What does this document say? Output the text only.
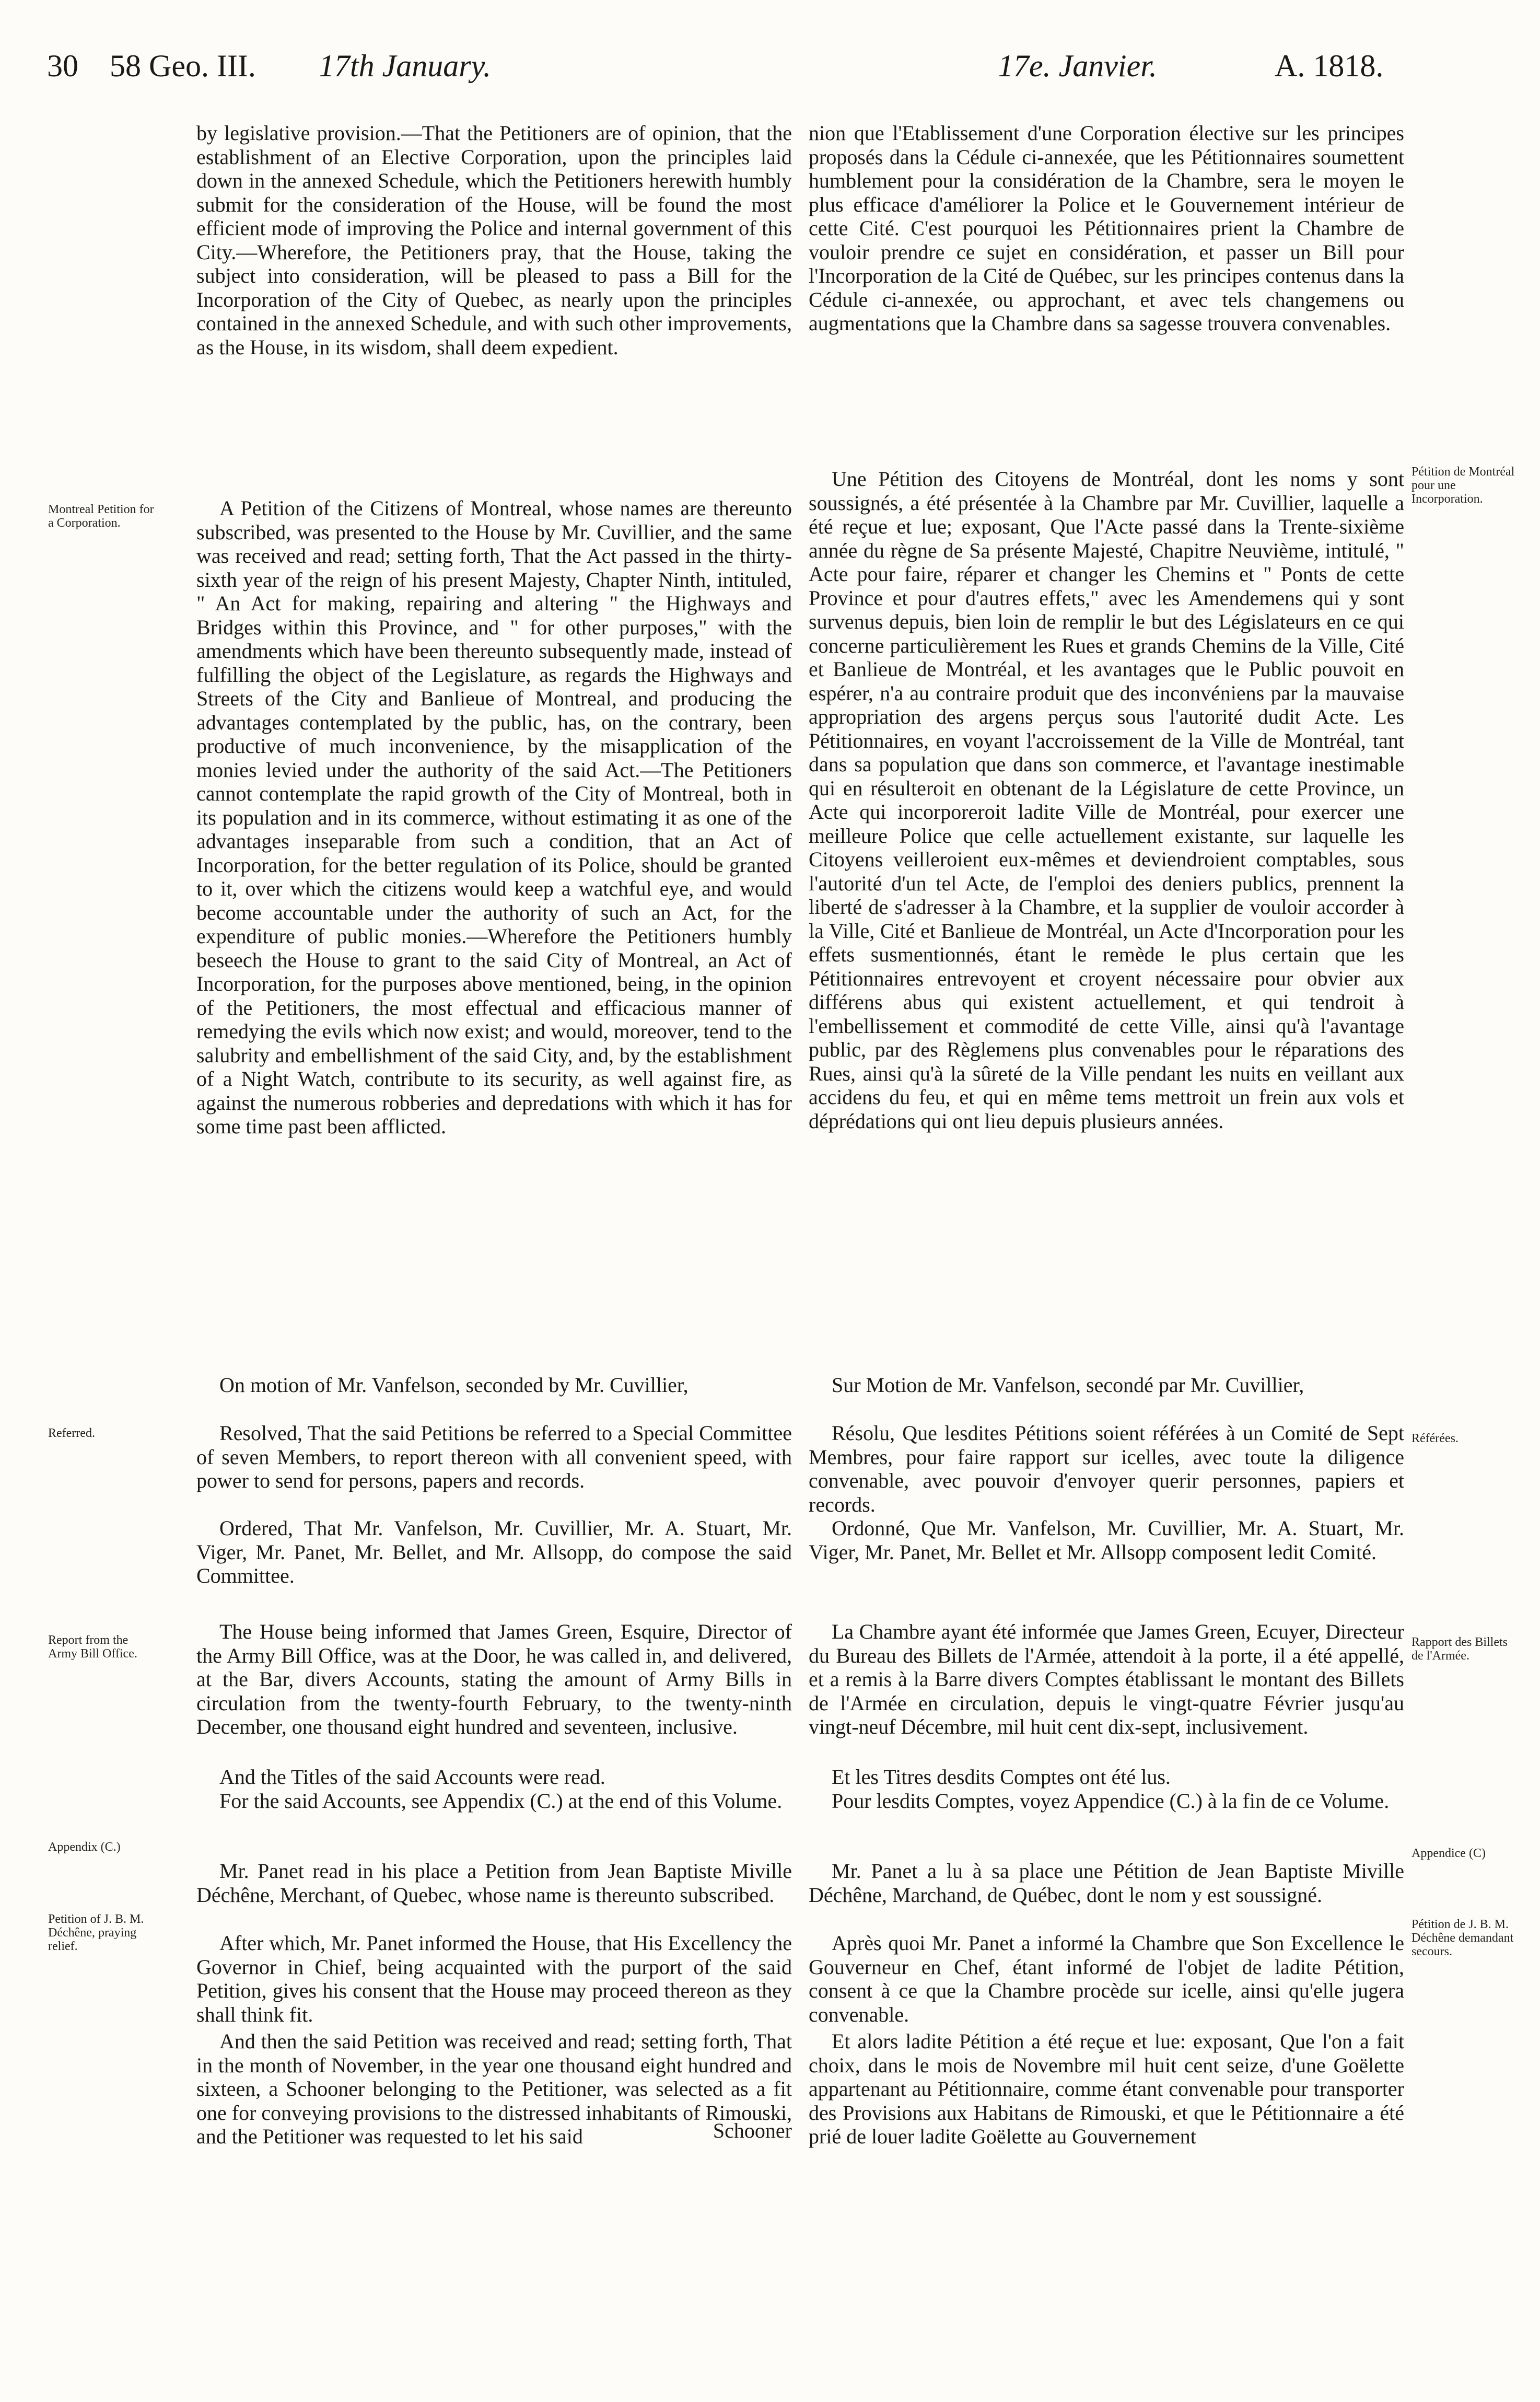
30 58 Geo. III. 17th January.	17e. Janvier.	A. 1818.
Montreal Petition for a Corporation.
Referred.
Report from the Army Bill Office.
Appendix (C.)
Petition of J. B. M. Déchêne, praying relief.
Pétition de Montréal pour une Incorporation.
Référées.
Rapport des Billets de l'Armée.
Appendice (C)
Pétition de J. B. M. Déchêne demandant secours.

by legislative provision.—That the Petitioners are of opinion, that the establishment of an Elective Corporation, upon the principles laid down in the annexed Schedule, which the Petitioners herewith humbly submit for the consideration of the House, will be found the most efficient mode of improving the Police and internal government of this City.—Wherefore, the Petitioners pray, that the House, taking the subject into consideration, will be pleased to pass a Bill for the Incorporation of the City of Quebec, as nearly upon the principles contained in the annexed Schedule, and with such other improvements, as the House, in its wisdom, shall deem expedient.

A Petition of the Citizens of Montreal, whose names are thereunto subscribed, was presented to the House by Mr. Cuvillier, and the same was received and read; setting forth, That the Act passed in the thirty-sixth year of the reign of his present Majesty, Chapter Ninth, intituled, " An Act for making, repairing and altering " the Highways and Bridges within this Province, and " for other purposes," with the amendments which have been thereunto subsequently made, instead of fulfilling the object of the Legislature, as regards the Highways and Streets of the City and Banlieue of Montreal, and producing the advantages contemplated by the public, has, on the contrary, been productive of much inconvenience, by the misapplication of the monies levied under the authority of the said Act.—The Petitioners cannot contemplate the rapid growth of the City of Montreal, both in its population and in its commerce, without estimating it as one of the advantages inseparable from such a condition, that an Act of Incorporation, for the better regulation of its Police, should be granted to it, over which the citizens would keep a watchful eye, and would become accountable under the authority of such an Act, for the expenditure of public monies.—Wherefore the Petitioners humbly beseech the House to grant to the said City of Montreal, an Act of Incorporation, for the purposes above mentioned, being, in the opinion of the Petitioners, the most effectual and efficacious manner of remedying the evils which now exist; and would, moreover, tend to the salubrity and embellishment of the said City, and, by the establishment of a Night Watch, contribute to its security, as well against fire, as against the numerous robberies and depredations with which it has for some time past been afflicted.

On motion of Mr. Vanfelson, seconded by Mr. Cuvillier,

Resolved, That the said Petitions be referred to a Special Committee of seven Members, to report thereon with all convenient speed, with power to send for persons, papers and records.

Ordered, That Mr. Vanfelson, Mr. Cuvillier, Mr. A. Stuart, Mr. Viger, Mr. Panet, Mr. Bellet, and Mr. Allsopp, do compose the said Committee.

The House being informed that James Green, Esquire, Director of the Army Bill Office, was at the Door, he was called in, and delivered, at the Bar, divers Accounts, stating the amount of Army Bills in circulation from the twenty-fourth February, to the twenty-ninth December, one thousand eight hundred and seventeen, inclusive.

And the Titles of the said Accounts were read.

For the said Accounts, see Appendix (C.) at the end of this Volume.

Mr. Panet read in his place a Petition from Jean Baptiste Miville Déchêne, Merchant, of Quebec, whose name is thereunto subscribed.

After which, Mr. Panet informed the House, that His Excellency the Governor in Chief, being acquainted with the purport of the said Petition, gives his consent that the House may proceed thereon as they shall think fit.

And then the said Petition was received and read; setting forth, That in the month of November, in the year one thousand eight hundred and sixteen, a Schooner belonging to the Petitioner, was selected as a fit one for conveying provisions to the distressed inhabitants of Rimouski, and the Petitioner was requested to let his said	Schooner

nion que l'Etablissement d'une Corporation élective sur les principes proposés dans la Cédule ci-annexée, que les Pétitionnaires soumettent humblement pour la considération de la Chambre, sera le moyen le plus efficace d'améliorer la Police et le Gouvernement intérieur de cette Cité. C'est pourquoi les Pétitionnaires prient la Chambre de vouloir prendre ce sujet en considération, et passer un Bill pour l'Incorporation de la Cité de Québec, sur les principes contenus dans la Cédule ci-annexée, ou approchant, et avec tels changemens ou augmentations que la Chambre dans sa sagesse trouvera convenables.

Une Pétition des Citoyens de Montréal, dont les noms y sont soussignés, a été présentée à la Chambre par Mr. Cuvillier, laquelle a été reçue et lue; exposant, Que l'Acte passé dans la Trente-sixième année du règne de Sa présente Majesté, Chapitre Neuvième, intitulé, " Acte pour faire, réparer et changer les Chemins et " Ponts de cette Province et pour d'autres effets," avec les Amendemens qui y sont survenus depuis, bien loin de remplir le but des Législateurs en ce qui concerne particulièrement les Rues et grands Chemins de la Ville, Cité et Banlieue de Montréal, et les avantages que le Public pouvoit en espérer, n'a au contraire produit que des inconvéniens par la mauvaise appropriation des argens perçus sous l'autorité dudit Acte. Les Pétitionnaires, en voyant l'accroissement de la Ville de Montréal, tant dans sa population que dans son commerce, et l'avantage inestimable qui en résulteroit en obtenant de la Législature de cette Province, un Acte qui incorporeroit ladite Ville de Montréal, pour exercer une meilleure Police que celle actuellement existante, sur laquelle les Citoyens veilleroient eux-mêmes et deviendroient comptables, sous l'autorité d'un tel Acte, de l'emploi des deniers publics, prennent la liberté de s'adresser à la Chambre, et la supplier de vouloir accorder à la Ville, Cité et Banlieue de Montréal, un Acte d'Incorporation pour les effets susmentionnés, étant le remède le plus certain que les Pétitionnaires entrevoyent et croyent nécessaire pour obvier aux différens abus qui existent actuellement, et qui tendroit à l'embellissement et commodité de cette Ville, ainsi qu'à l'avantage public, par des Règlemens plus convenables pour le réparations des Rues, ainsi qu'à la sûreté de la Ville pendant les nuits en veillant aux accidens du feu, et qui en même tems mettroit un frein aux vols et déprédations qui ont lieu depuis plusieurs années.

Sur Motion de Mr. Vanfelson, secondé par Mr. Cuvillier,

Résolu, Que lesdites Pétitions soient référées à un Comité de Sept Membres, pour faire rapport sur icelles, avec toute la diligence convenable, avec pouvoir d'envoyer querir personnes, papiers et records.

Ordonné, Que Mr. Vanfelson, Mr. Cuvillier, Mr. A. Stuart, Mr. Viger, Mr. Panet, Mr. Bellet et Mr. Allsopp composent ledit Comité.

La Chambre ayant été informée que James Green, Ecuyer, Directeur du Bureau des Billets de l'Armée, attendoit à la porte, il a été appellé, et a remis à la Barre divers Comptes établissant le montant des Billets de l'Armée en circulation, depuis le vingt-quatre Février jusqu'au vingt-neuf Décembre, mil huit cent dix-sept, inclusivement.

Et les Titres desdits Comptes ont été lus.

Pour lesdits Comptes, voyez Appendice (C.) à la fin de ce Volume.

Mr. Panet a lu à sa place une Pétition de Jean Baptiste Miville Déchêne, Marchand, de Québec, dont le nom y est soussigné.

Après quoi Mr. Panet a informé la Chambre que Son Excellence le Gouverneur en Chef, étant informé de l'objet de ladite Pétition, consent à ce que la Chambre procède sur icelle, ainsi qu'elle jugera convenable.

Et alors ladite Pétition a été reçue et lue: exposant, Que l'on a fait choix, dans le mois de Novembre mil huit cent seize, d'une Goëlette appartenant au Pétitionnaire, comme étant convenable pour transporter des Provisions aux Habitans de Rimouski, et que le Pétitionnaire a été prié de louer ladite Goëlette au Gouvernement
